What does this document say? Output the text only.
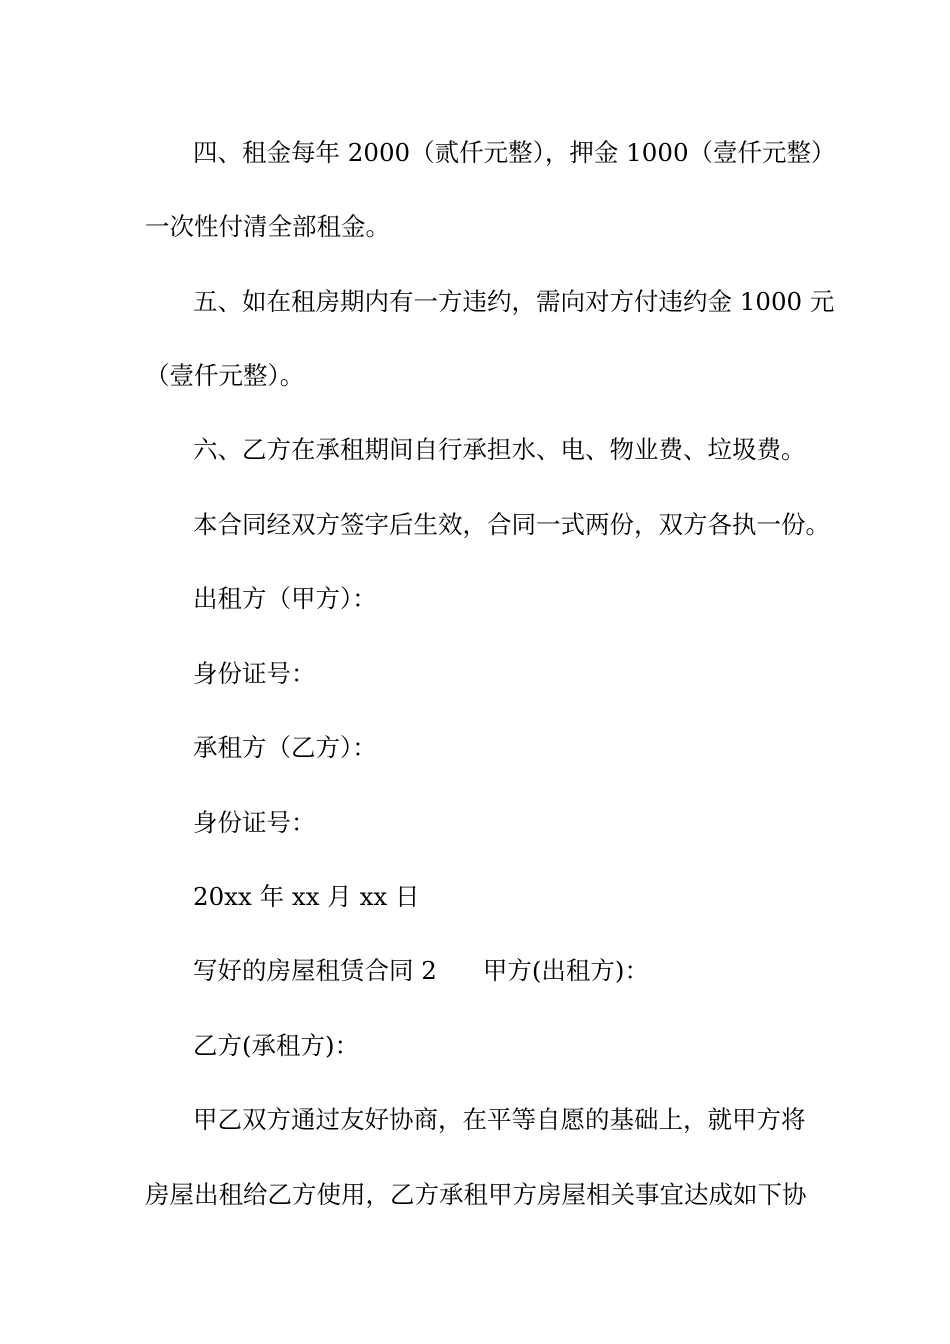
四、租金每年 2000（贰仟元整），押金 1000（壹仟元整）
一次性付清全部租金。
五、如在租房期内有一方违约，需向对方付违约金 1000 元
（壹仟元整）。
六、乙方在承租期间自行承担水、电、物业费、垃圾费。
本合同经双方签字后生效，合同一式两份，双方各执一份。
出租方（甲方）：
身份证号：
承租方（乙方）：
身份证号：
20xx 年 xx 月 xx 日
写好的房屋租赁合同 2 甲方(出租方)：
乙方(承租方)：
甲乙双方通过友好协商，在平等自愿的基础上，就甲方将
房屋出租给乙方使用，乙方承租甲方房屋相关事宜达成如下协
